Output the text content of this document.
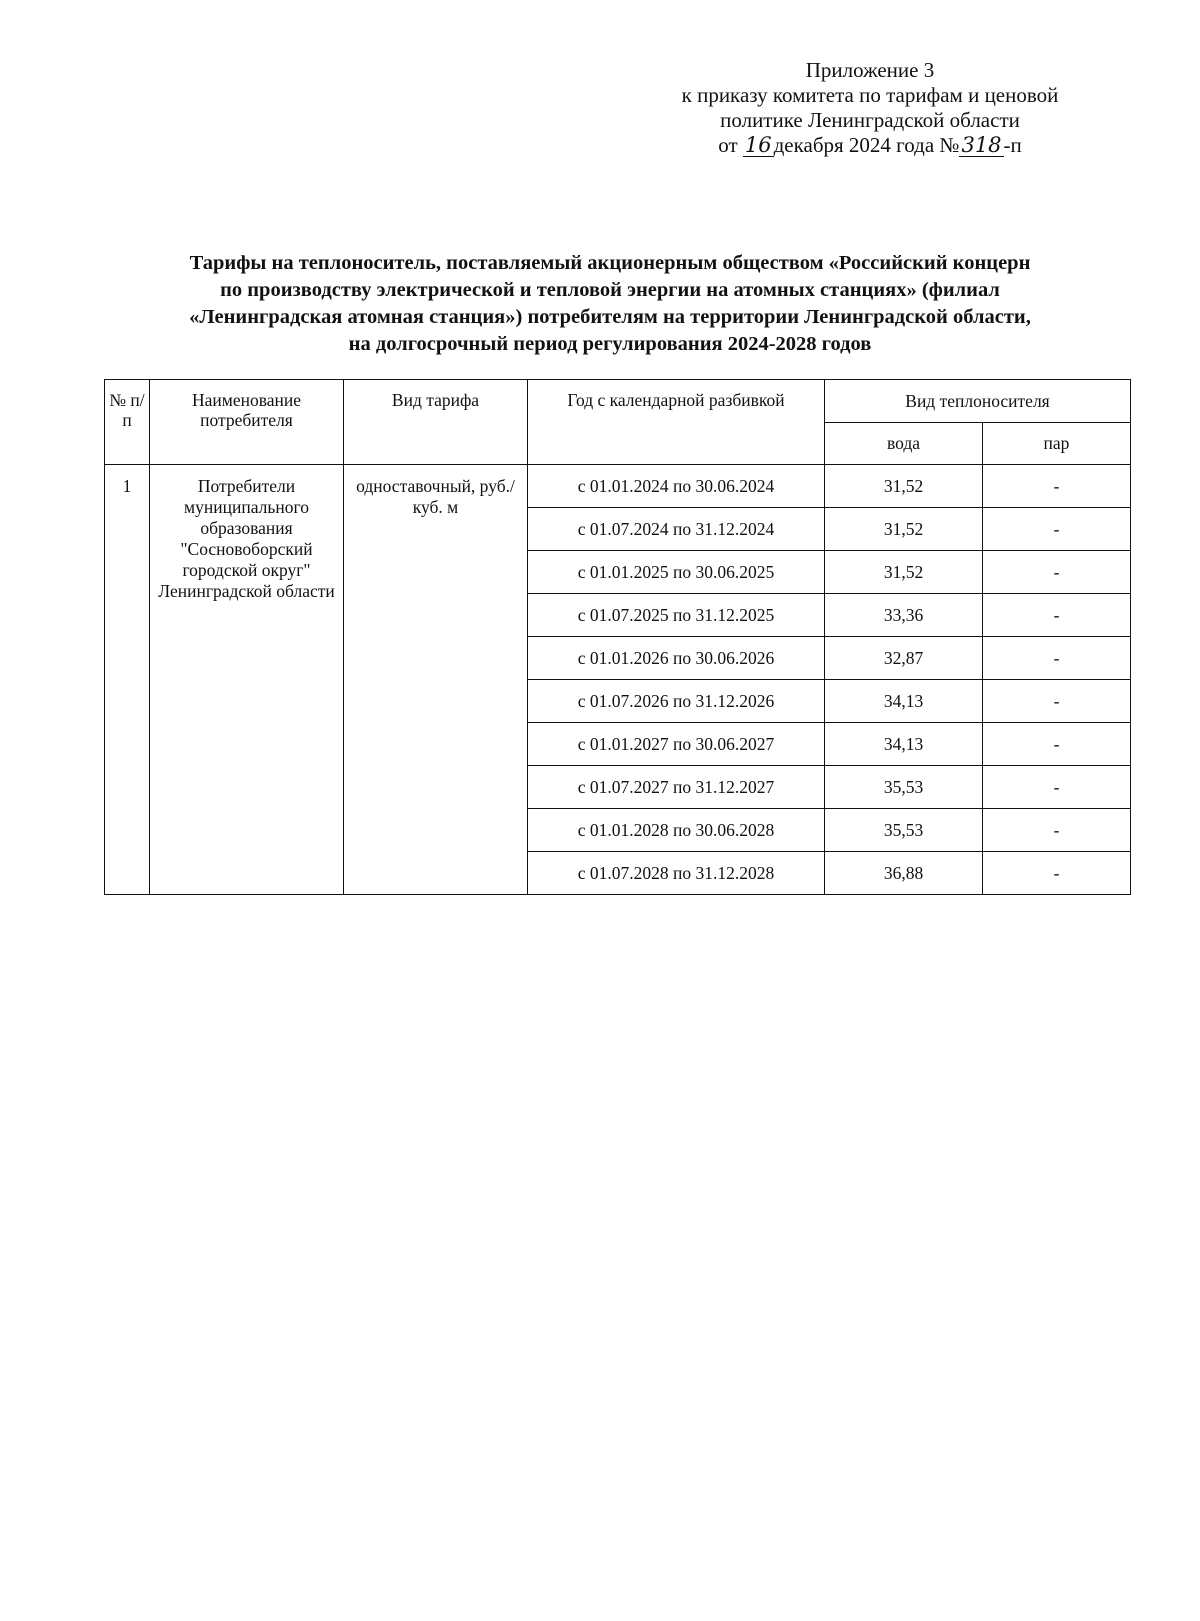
Приложение 3
к приказу комитета по тарифам и ценовой
политике Ленинградской области
от 16декабря 2024 года №318-п
Тарифы на теплоноситель, поставляемый акционерным обществом «Российский концерн
по производству электрической и тепловой энергии на атомных станциях» (филиал
«Ленинградская атомная станция») потребителям на территории Ленинградской области,
на долгосрочный период регулирования 2024-2028 годов
№ п/п	Наименование потребителя	Вид тарифа	Год с календарной разбивкой	Вид теплоносителя	
				вода	пар
1	Потребители муниципального образования "Сосновоборский городской округ" Ленинградской области	одноставочный, руб./куб. м	с 01.01.2024 по 30.06.2024	31,52	-
			с 01.07.2024 по 31.12.2024	31,52	-
			с 01.01.2025 по 30.06.2025	31,52	-
			с 01.07.2025 по 31.12.2025	33,36	-
			с 01.01.2026 по 30.06.2026	32,87	-
			с 01.07.2026 по 31.12.2026	34,13	-
			с 01.01.2027 по 30.06.2027	34,13	-
			с 01.07.2027 по 31.12.2027	35,53	-
			с 01.01.2028 по 30.06.2028	35,53	-
			с 01.07.2028 по 31.12.2028	36,88	-
